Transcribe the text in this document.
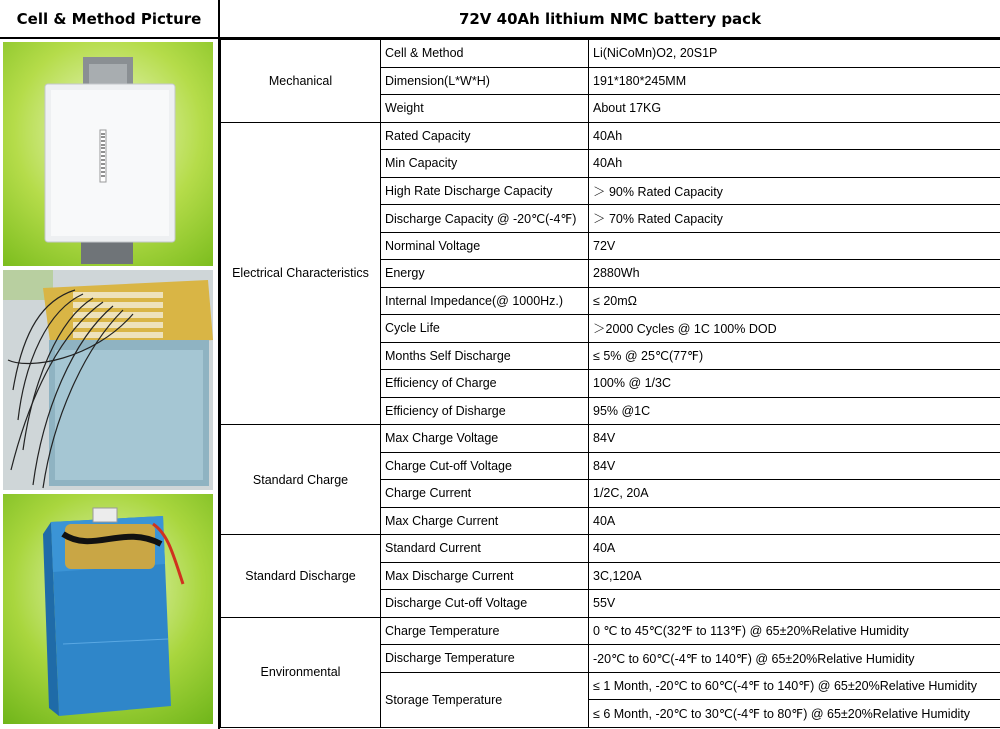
Cell & Method Picture	72V 40Ah lithium NMC battery pack
Mechanical	Cell & Method	Li(NiCoMn)O2, 20S1P
	Dimension(L*W*H)	191*180*245MM
	Weight	About 17KG
Electrical Characteristics	Rated Capacity	40Ah
	Min Capacity	40Ah
	High Rate Discharge Capacity	＞ 90% Rated Capacity
	Discharge Capacity @ -20℃(-4℉)	＞ 70% Rated Capacity
	Norminal Voltage	72V
	Energy	2880Wh
	Internal Impedance(@ 1000Hz.)	≤ 20mΩ
	Cycle Life	＞2000 Cycles @ 1C 100% DOD
	Months Self Discharge	≤ 5% @ 25℃(77℉)
	Efficiency of Charge	100% @ 1/3C
	Efficiency of Disharge	95% @1C
Standard Charge	Max Charge Voltage	84V
	Charge Cut-off Voltage	84V
	Charge Current	1/2C, 20A
	Max Charge Current	40A
Standard Discharge	Standard Current	40A
	Max Discharge Current	3C,120A
	Discharge Cut-off Voltage	55V
Environmental	Charge Temperature	0 ℃ to 45℃(32℉ to 113℉) @ 65±20%Relative Humidity
	Discharge Temperature	-20℃ to 60℃(-4℉ to 140℉) @ 65±20%Relative Humidity
	Storage Temperature	≤ 1 Month, -20℃ to 60℃(-4℉ to 140℉) @ 65±20%Relative Humidity
		≤ 6 Month, -20℃ to 30℃(-4℉ to 80℉) @ 65±20%Relative Humidity
